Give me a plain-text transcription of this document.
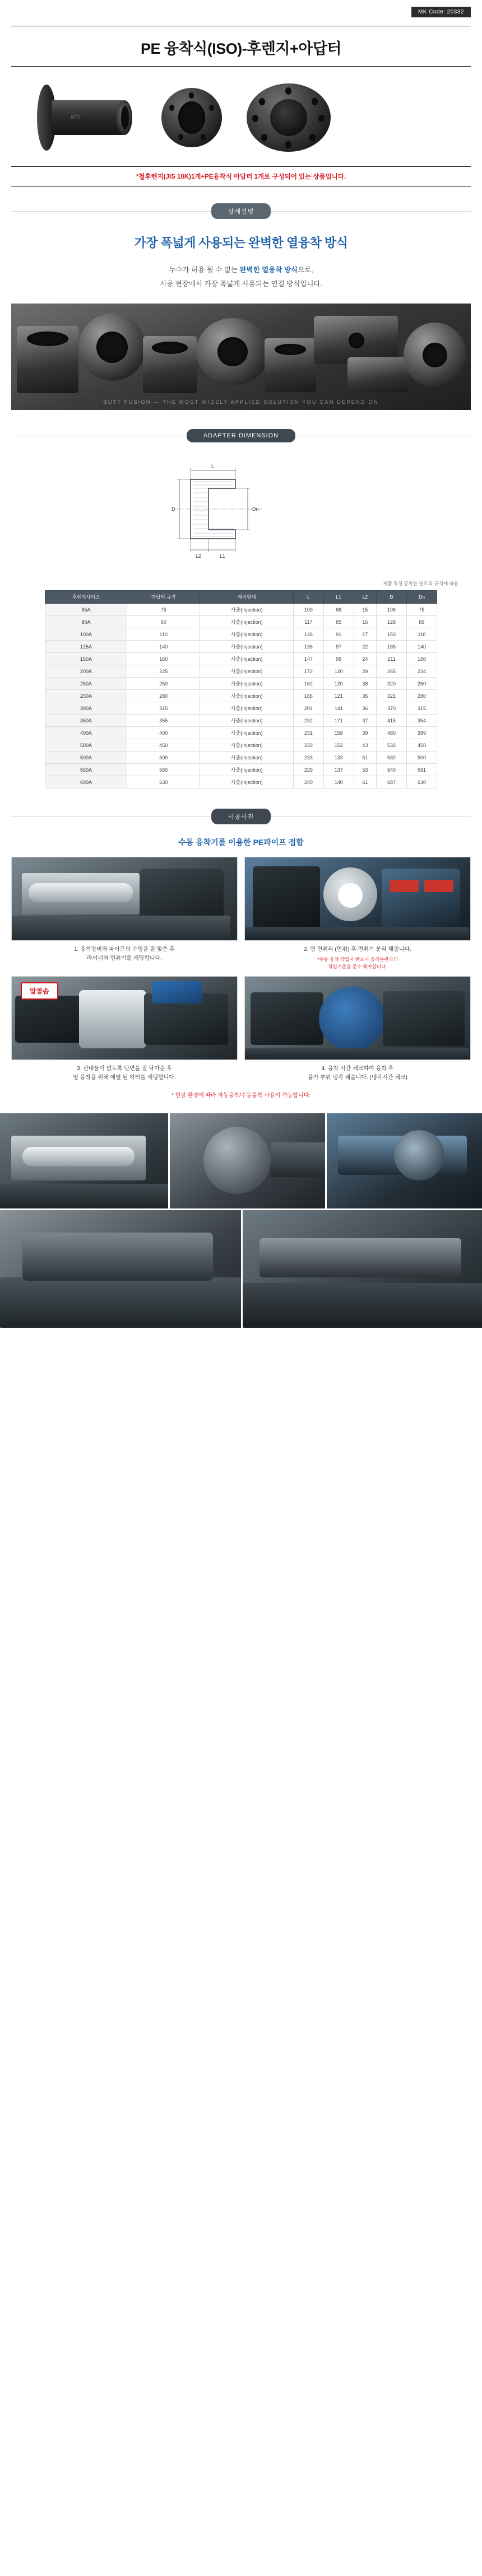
MK Code: 20332
PE 융착식(ISO)-후렌지+아답터
MK
*철후렌지(JIS 10K)1개+PE융착식 아답터 1개로 구성되어 있는 상품입니다.
상세설명
가장 폭넓게 사용되는 완벽한 열융착 방식
누수가 허용 될 수 없는 완벽한 열융착 방식으로,
시공 현장에서 가장 폭넓게 사용되는 연결 방식입니다.
BUTT FUSION — THE MOST WIDELY APPLIED SOLUTION YOU CAN DEPEND ON
ADAPTER DIMENSION
L
L1
L2
D	Dn
제품 특성 공차는 별도의 규격에 따름
후렌지사이즈	아답터 규격	제작형태	L	L1	L2	D	Dn
65A	75	사출(Injection)	109	68	15	106	75
80A	90	사출(Injection)	117	85	16	128	89
100A	110	사출(Injection)	126	91	17	153	110
125A	140	사출(Injection)	136	97	22	185	140
150A	160	사출(Injection)	147	99	24	211	160
200A	225	사출(Injection)	172	120	29	265	224
250A	250	사출(Injection)	162	120	38	320	250
250A	280	사출(Injection)	186	121	35	321	280
300A	315	사출(Injection)	204	141	36	370	315
350A	355	사출(Injection)	232	171	37	415	354
400A	400	사출(Injection)	231	158	39	480	399
500A	450	사출(Injection)	233	152	43	532	450
500A	500	사출(Injection)	233	133	51	582	500
550A	560	사출(Injection)	229	137	53	640	561
600A	630	사출(Injection)	240	140	61	687	630
시공사진
수동 융착기를 이용한 PE파이프 접합
1. 융착장비와 파이프의 수평을 잘 맞춘 후
라이너와 면취기를 세팅합니다.
2. 면 면취리 (면취) 후 면취기 분리 해줍니다.
*수동 융착 작업시 반드시 융착본관과의
작업기준을 준수 해야합니다.
알콜솜
3. 관내물이 없도록 단면을 잘 닦아준 후
열 융착을 위해 예열 된 히터를 세팅합니다.
4. 융착 시간 체크하여 융착 후
융가 부위 냉각 해줍니다. (냉각시간 체크)
* 현장 환경에 따라 자동융착/수동융착 사용이 가능합니다.
